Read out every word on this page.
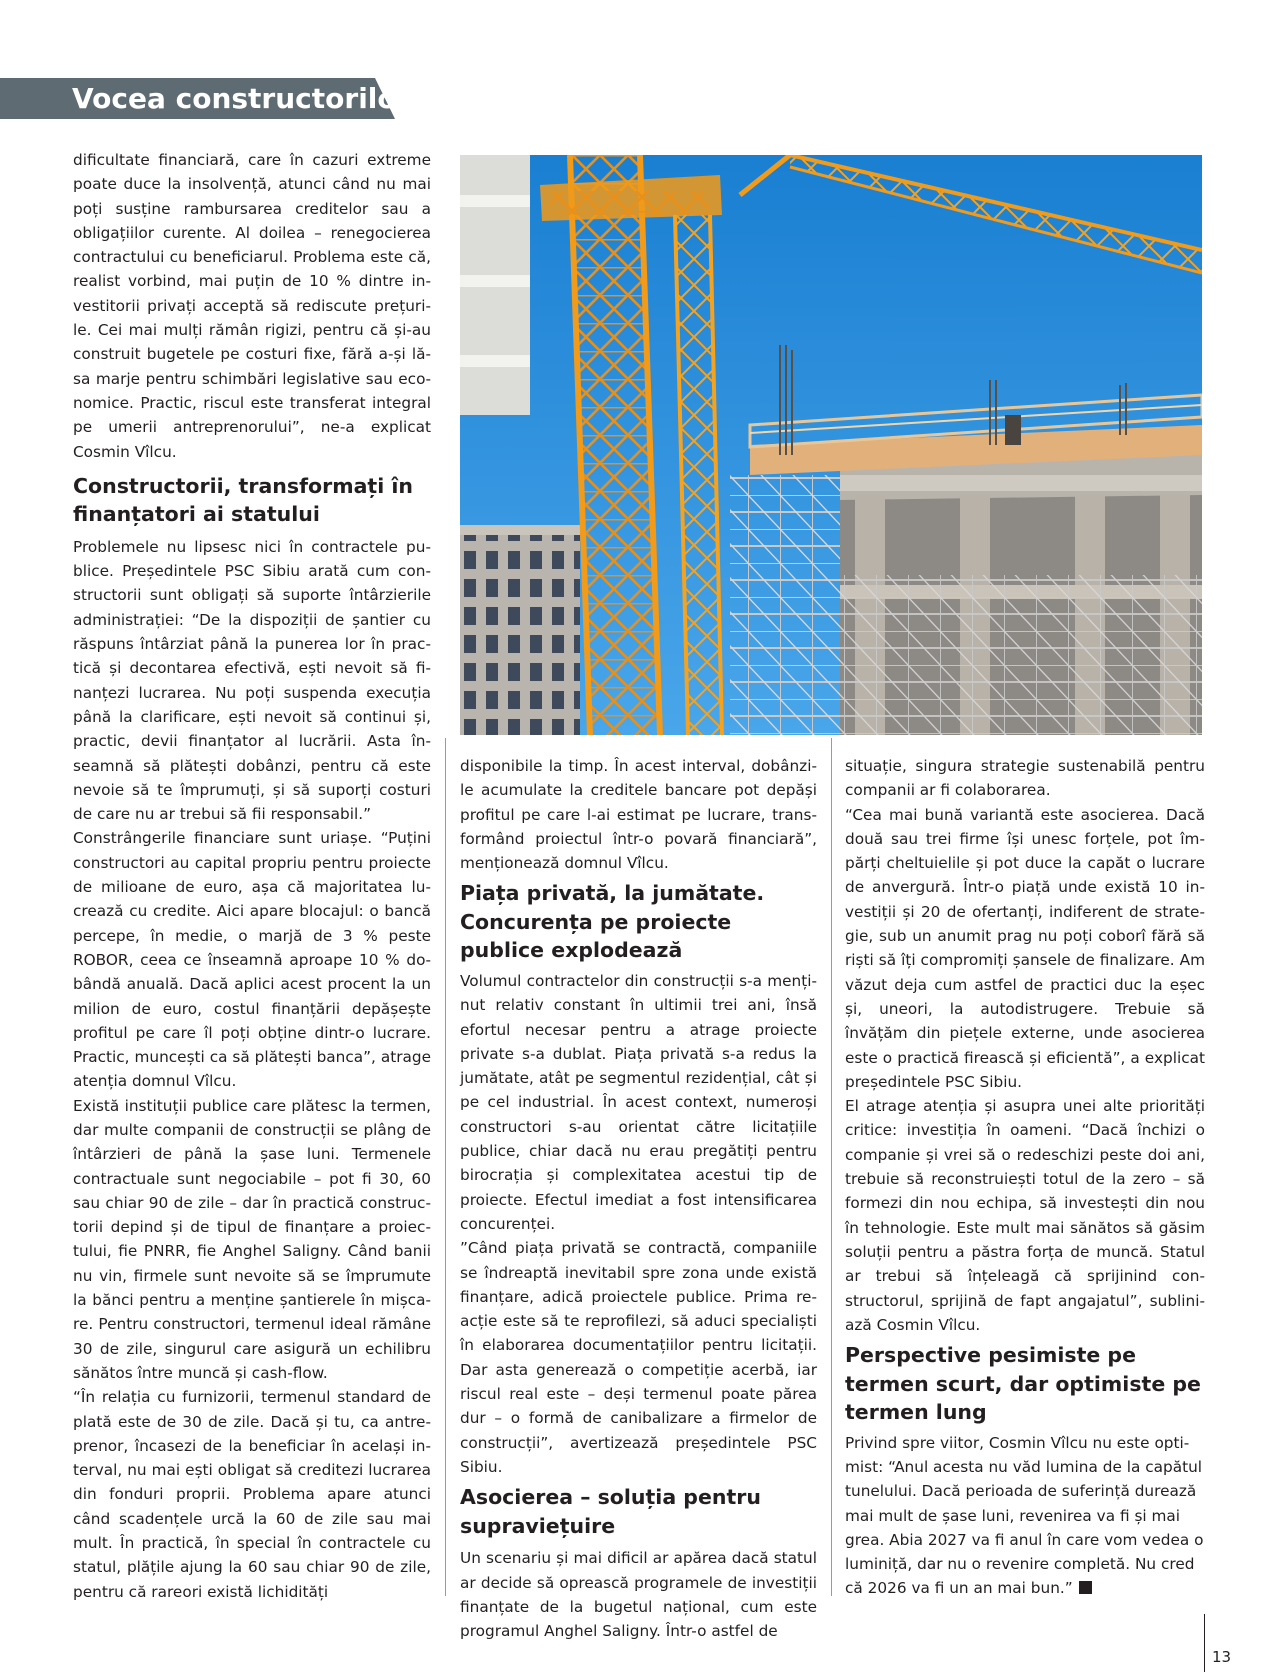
Vocea constructorilor

dificultate financiară, care în cazuri extreme poate duce la insolvență, atunci când nu mai poți susține rambursarea creditelor sau a obligațiilor curente. Al doilea – renegocierea contractului cu beneficiarul. Problema este că, realist vorbind, mai puțin de 10 % dintre investitorii privați acceptă să rediscute prețurile. Cei mai mulți rămân rigizi, pentru că și-au construit bugetele pe costuri fixe, fără a-și lăsa marje pentru schimbări legislative sau economice. Practic, riscul este transferat integral pe umerii antreprenorului”, ne-a explicat Cosmin Vîlcu.

Constructorii, transformați în finanțatori ai statului

Problemele nu lipsesc nici în contractele publice. Președintele PSC Sibiu arată cum constructorii sunt obligați să suporte întârzierile administrației: “De la dispoziții de șantier cu răspuns întârziat până la punerea lor în practică și decontarea efectivă, ești nevoit să finanțezi lucrarea. Nu poți suspenda execuția până la clarificare, ești nevoit să continui și, practic, devii finanțator al lucrării. Asta înseamnă să plătești dobânzi, pentru că este nevoie să te împrumuți, și să suporți costuri de care nu ar trebui să fii responsabil.”

Constrângerile financiare sunt uriașe. “Puțini constructori au capital propriu pentru proiecte de milioane de euro, așa că majoritatea lucrează cu credite. Aici apare blocajul: o bancă percepe, în medie, o marjă de 3 % peste ROBOR, ceea ce înseamnă aproape 10 % dobândă anuală. Dacă aplici acest procent la un milion de euro, costul finanțării depășește profitul pe care îl poți obține dintr-o lucrare. Practic, muncești ca să plătești banca”, atrage atenția domnul Vîlcu.

Există instituții publice care plătesc la termen, dar multe companii de construcții se plâng de întârzieri de până la șase luni. Termenele contractuale sunt negociabile – pot fi 30, 60 sau chiar 90 de zile – dar în practică constructorii depind și de tipul de finanțare a proiectului, fie PNRR, fie Anghel Saligny. Când banii nu vin, firmele sunt nevoite să se împrumute la bănci pentru a menține șantierele în mișcare. Pentru constructori, termenul ideal rămâne 30 de zile, singurul care asigură un echilibru sănătos între muncă și cash-flow.

“În relația cu furnizorii, termenul standard de plată este de 30 de zile. Dacă și tu, ca antreprenor, încasezi de la beneficiar în același interval, nu mai ești obligat să creditezi lucrarea din fonduri proprii. Problema apare atunci când scadențele urcă la 60 de zile sau mai mult. În practică, în special în contractele cu statul, plățile ajung la 60 sau chiar 90 de zile, pentru că rareori există lichidități

disponibile la timp. În acest interval, dobânzile acumulate la creditele bancare pot depăși profitul pe care l-ai estimat pe lucrare, transformând proiectul într-o povară financiară”, menționează domnul Vîlcu.

Piața privată, la jumătate. Concurența pe proiecte publice explodează

Volumul contractelor din construcții s-a menținut relativ constant în ultimii trei ani, însă efortul necesar pentru a atrage proiecte private s-a dublat. Piața privată s-a redus la jumătate, atât pe segmentul rezidențial, cât și pe cel industrial. În acest context, numeroși constructori s-au orientat către licitațiile publice, chiar dacă nu erau pregătiți pentru birocrația și complexitatea acestui tip de proiecte. Efectul imediat a fost intensificarea concurenței.

”Când piața privată se contractă, companiile se îndreaptă inevitabil spre zona unde există finanțare, adică proiectele publice. Prima reacție este să te reprofilezi, să aduci specialiști în elaborarea documentațiilor pentru licitații. Dar asta generează o competiție acerbă, iar riscul real este – deși termenul poate părea dur – o formă de canibalizare a firmelor de construcții”, avertizează președintele PSC Sibiu.

Asocierea – soluția pentru supraviețuire

Un scenariu și mai dificil ar apărea dacă statul ar decide să oprească programele de investiții finanțate de la bugetul național, cum este programul Anghel Saligny. Într-o astfel de

situație, singura strategie sustenabilă pentru companii ar fi colaborarea.

“Cea mai bună variantă este asocierea. Dacă două sau trei firme își unesc forțele, pot împărți cheltuielile și pot duce la capăt o lucrare de anvergură. Într-o piață unde există 10 investiții și 20 de ofertanți, indiferent de strategie, sub un anumit prag nu poți coborî fără să riști să îți compromiți șansele de finalizare. Am văzut deja cum astfel de practici duc la eșec și, uneori, la autodistrugere. Trebuie să învățăm din piețele externe, unde asocierea este o practică firească și eficientă”, a explicat președintele PSC Sibiu.

El atrage atenția și asupra unei alte priorități critice: investiția în oameni. “Dacă închizi o companie și vrei să o redeschizi peste doi ani, trebuie să reconstruiești totul de la zero – să formezi din nou echipa, să investești din nou în tehnologie. Este mult mai sănătos să găsim soluții pentru a păstra forța de muncă. Statul ar trebui să înțeleagă că sprijinind constructorul, sprijină de fapt angajatul”, subliniază Cosmin Vîlcu.

Perspective pesimiste pe termen scurt, dar optimiste pe termen lung

Privind spre viitor, Cosmin Vîlcu nu este optimist: “Anul acesta nu văd lumina de la capătul tunelului. Dacă perioada de suferință durează mai mult de șase luni, revenirea va fi și mai grea. Abia 2027 va fi anul în care vom vedea o luminiță, dar nu o revenire completă. Nu cred că 2026 va fi un an mai bun.”

13
